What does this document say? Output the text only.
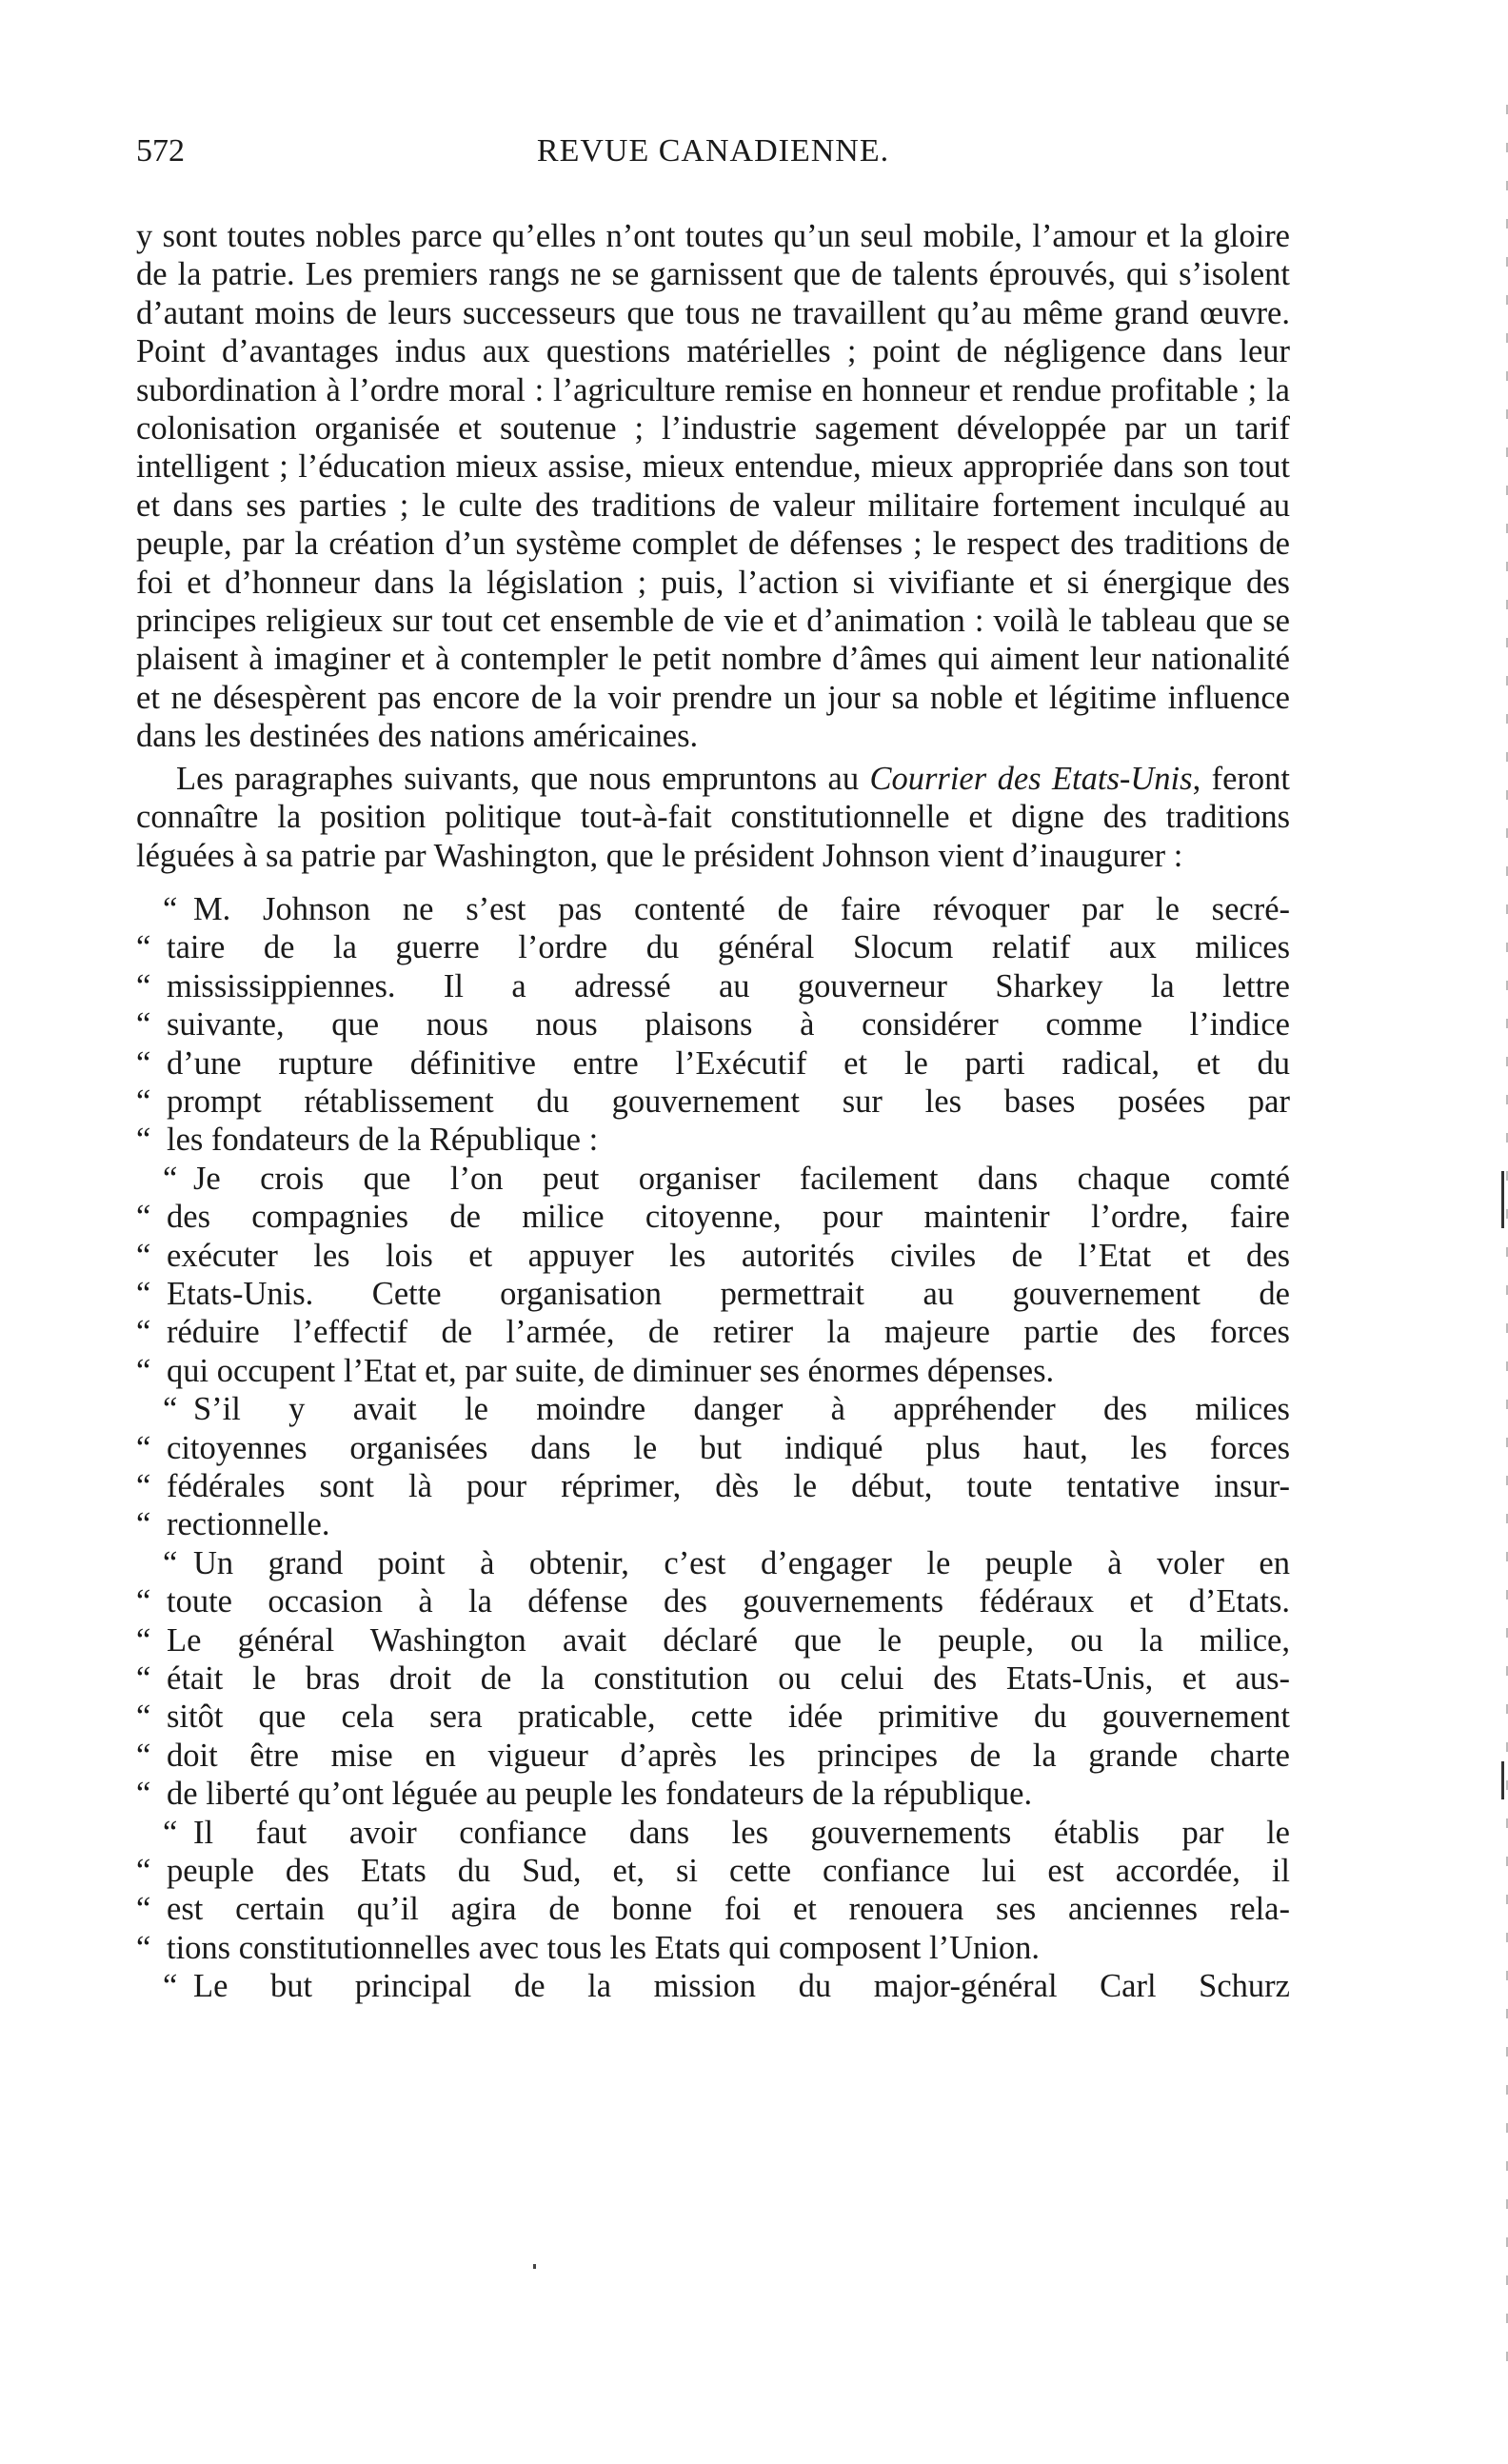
572	REVUE CANADIENNE.

y sont toutes nobles parce qu’elles n’ont toutes qu’un seul mobile, l’amour et la gloire de la patrie. Les premiers rangs ne se garnissent que de talents éprouvés, qui s’isolent d’autant moins de leurs successeurs que tous ne travaillent qu’au même grand œuvre. Point d’avantages indus aux questions matérielles ; point de négligence dans leur subordination à l’ordre moral : l’agriculture remise en honneur et rendue profitable ; la colonisation organisée et soutenue ; l’industrie sagement développée par un tarif intelligent ; l’éducation mieux assise, mieux entendue, mieux appropriée dans son tout et dans ses parties ; le culte des traditions de valeur militaire fortement inculqué au peuple, par la création d’un système complet de défenses ; le respect des traditions de foi et d’honneur dans la législation ; puis, l’action si vivifiante et si énergique des principes religieux sur tout cet ensemble de vie et d’animation : voilà le tableau que se plaisent à imaginer et à contempler le petit nombre d’âmes qui aiment leur nationalité et ne désespèrent pas encore de la voir prendre un jour sa noble et légitime influence dans les destinées des nations américaines.

Les paragraphes suivants, que nous empruntons au Courrier des Etats-Unis, feront connaître la position politique tout-à-fait constitutionnelle et digne des traditions léguées à sa patrie par Washington, que le président Johnson vient d’inaugurer :

“ M. Johnson ne s’est pas contenté de faire révoquer par le secré-

“ taire de la guerre l’ordre du général Slocum relatif aux milices

“ mississippiennes. Il a adressé au gouverneur Sharkey la lettre

“ suivante, que nous nous plaisons à considérer comme l’indice

“ d’une rupture définitive entre l’Exécutif et le parti radical, et du

“ prompt rétablissement du gouvernement sur les bases posées par

“ les fondateurs de la République :

“ Je crois que l’on peut organiser facilement dans chaque comté

“ des compagnies de milice citoyenne, pour maintenir l’ordre, faire

“ exécuter les lois et appuyer les autorités civiles de l’Etat et des

“ Etats-Unis. Cette organisation permettrait au gouvernement de

“ réduire l’effectif de l’armée, de retirer la majeure partie des forces

“ qui occupent l’Etat et, par suite, de diminuer ses énormes dépenses.

“ S’il y avait le moindre danger à appréhender des milices

“ citoyennes organisées dans le but indiqué plus haut, les forces

“ fédérales sont là pour réprimer, dès le début, toute tentative insur-

“ rectionnelle.

“ Un grand point à obtenir, c’est d’engager le peuple à voler en

“ toute occasion à la défense des gouvernements fédéraux et d’Etats.

“ Le général Washington avait déclaré que le peuple, ou la milice,

“ était le bras droit de la constitution ou celui des Etats-Unis, et aus-

“ sitôt que cela sera praticable, cette idée primitive du gouvernement

“ doit être mise en vigueur d’après les principes de la grande charte

“ de liberté qu’ont léguée au peuple les fondateurs de la république.

“ Il faut avoir confiance dans les gouvernements établis par le

“ peuple des Etats du Sud, et, si cette confiance lui est accordée, il

“ est certain qu’il agira de bonne foi et renouera ses anciennes rela-

“ tions constitutionnelles avec tous les Etats qui composent l’Union.

“ Le but principal de la mission du major-général Carl Schurz
